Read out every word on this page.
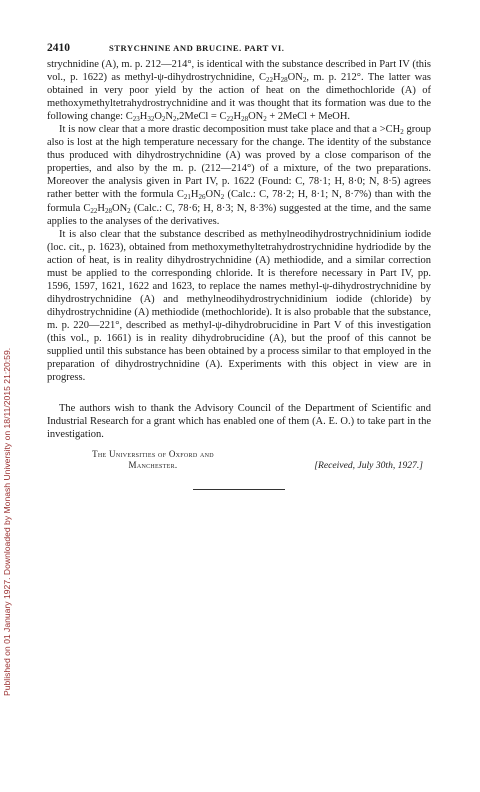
Published on 01 January 1927. Downloaded by Monash University on 18/11/2015 21:20:59.
2410	STRYCHNINE AND BRUCINE. PART VI.

strychnidine (A), m. p. 212—214°, is identical with the substance described in Part IV (this vol., p. 1622) as methyl-ψ-dihydrostrychnidine, $C_{22}H_{28}ON_2$, m. p. 212°. The latter was obtained in very poor yield by the action of heat on the dimethochloride (A) of methoxymethyltetrahydrostrychnidine and it was thought that its formation was due to the following change: $C_{23}H_{32}O_2N_2,2MeCl = C_{22}H_{28}ON_2$ + 2MeCl + MeOH.

It is now clear that a more drastic decomposition must take place and that $a >CH_2$ group also is lost at the high temperature necessary for the change. The identity of the substance thus produced with dihydrostrychnidine (A) was proved by a close comparison of the properties, and also by the m. p. (212—214°) of a mixture, of the two preparations. Moreover the analysis given in Part IV, p. 1622 (Found: C, 78·1; H, 8·0; N, 8·5) agrees rather better with the formula $C_{21}H_{26}ON_2$ (Calc.: C, 78·2; H, 8·1; N, 8·7%) than with the formula $C_{22}H_{28}ON_2$ (Calc.: C, 78·6; H, 8·3; N, 8·3%) suggested at the time, and the same applies to the analyses of the derivatives.

It is also clear that the substance described as methylneodihydrostrychnidinium iodide (loc. cit., p. 1623), obtained from methoxymethyltetrahydrostrychnidine hydriodide by the action of heat, is in reality dihydrostrychnidine (A) methiodide, and a similar correction must be applied to the corresponding chloride. It is therefore necessary in Part IV, pp. 1596, 1597, 1621, 1622 and 1623, to replace the names methyl-ψ-dihydrostrychnidine by dihydrostrychnidine (A) and methylneodihydrostrychnidinium iodide (chloride) by dihydrostrychnidine (A) methiodide (methochloride). It is also probable that the substance, m. p. 220—221°, described as methyl-ψ-dihydrobrucidine in Part V of this investigation (this vol., p. 1661) is in reality dihydrobrucidine (A), but the proof of this cannot be supplied until this substance has been obtained by a process similar to that employed in the preparation of dihydrostrychnidine (A). Experiments with this object in view are in progress.

The authors wish to thank the Advisory Council of the Department of Scientific and Industrial Research for a grant which has enabled one of them (A. E. O.) to take part in the investigation.

The Universities of Oxford and
Manchester.	[Received, July 30th, 1927.]
